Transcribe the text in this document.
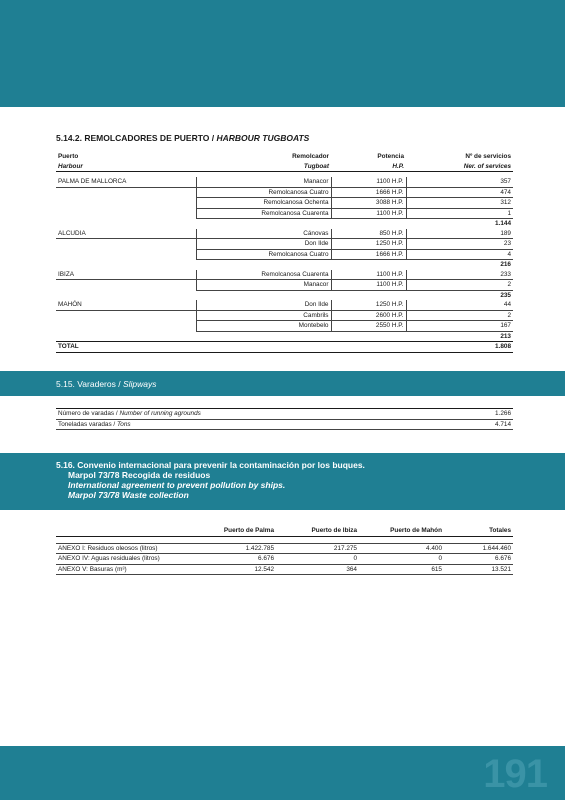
5.14.2. REMOLCADORES DE PUERTO / HARBOUR TUGBOATS
Puerto	Remolcador	Potencia	Nº de servicios
Harbour	Tugboat	H.P.	Ner. of services

PALMA DE MALLORCA	Manacor	1100 H.P.	357
	Remolcanosa Cuatro	1666 H.P.	474
	Remolcanosa Ochenta	3088 H.P.	312
	Remolcanosa Cuarenta	1100 H.P.	1
			1.144
ALCUDIA	Cánovas	850 H.P.	189
	Don Ilde	1250 H.P.	23
	Remolcanosa Cuatro	1666 H.P.	4
			216
IBIZA	Remolcanosa Cuarenta	1100 H.P.	233
	Manacor	1100 H.P.	2
			235
MAHÓN	Don Ilde	1250 H.P.	44
	Cambrils	2600 H.P.	2
	Montebelo	2550 H.P.	167
			213
TOTAL			1.808
5.15. Varaderos / Slipways
Número de varadas / Number of running agrounds	1.266
Toneladas varadas / Tons	4.714
5.16. Convenio internacional para prevenir la contaminación por los buques.
Marpol 73/78 Recogida de residuos
International agreement to prevent pollution by ships.
Marpol 73/78 Waste collection
	Puerto de Palma	Puerto de Ibiza	Puerto de Mahón	Totales

ANEXO I: Residuos oleosos (litros)	1.422.785	217.275	4.400	1.644.460
ANEXO IV: Aguas residuales (litros)	6.676	0	0	6.676
ANEXO V: Basuras (m³)	12.542	364	615	13.521
191
